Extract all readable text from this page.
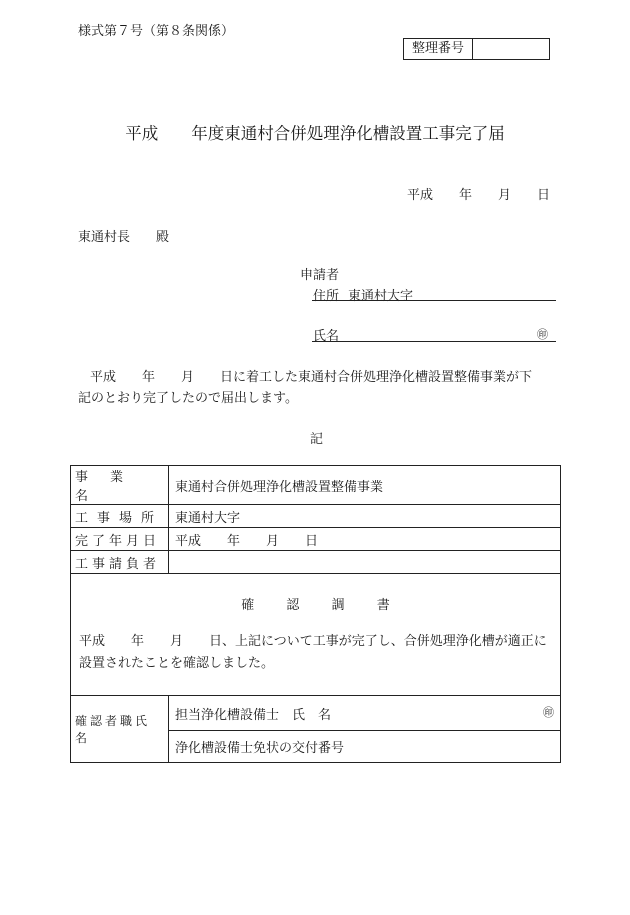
様式第７号（第８条関係）
整理番号
平成　　年度東通村合併処理浄化槽設置工事完了届
平成　　年　　月　　日
東通村長　　殿
申請者
住所 東通村大字
氏名	㊞
平成　　年　　月　　日に着工した東通村合併処理浄化槽設置整備事業が下
記のとおり完了したので届出します。
記
事業名	東通村合併処理浄化槽設置整備事業
工事場所	東通村大字
完了年月日	平成　　年　　月　　日
工事請負者	

確 認 調 書
平成　　年　　月　　日、上記について工事が完了し、合併処理浄化槽が適正に設置されたことを確認しました。	

確認者職氏名	担当浄化槽設備士　氏　名 ㊞

	浄化槽設備士免状の交付番号
